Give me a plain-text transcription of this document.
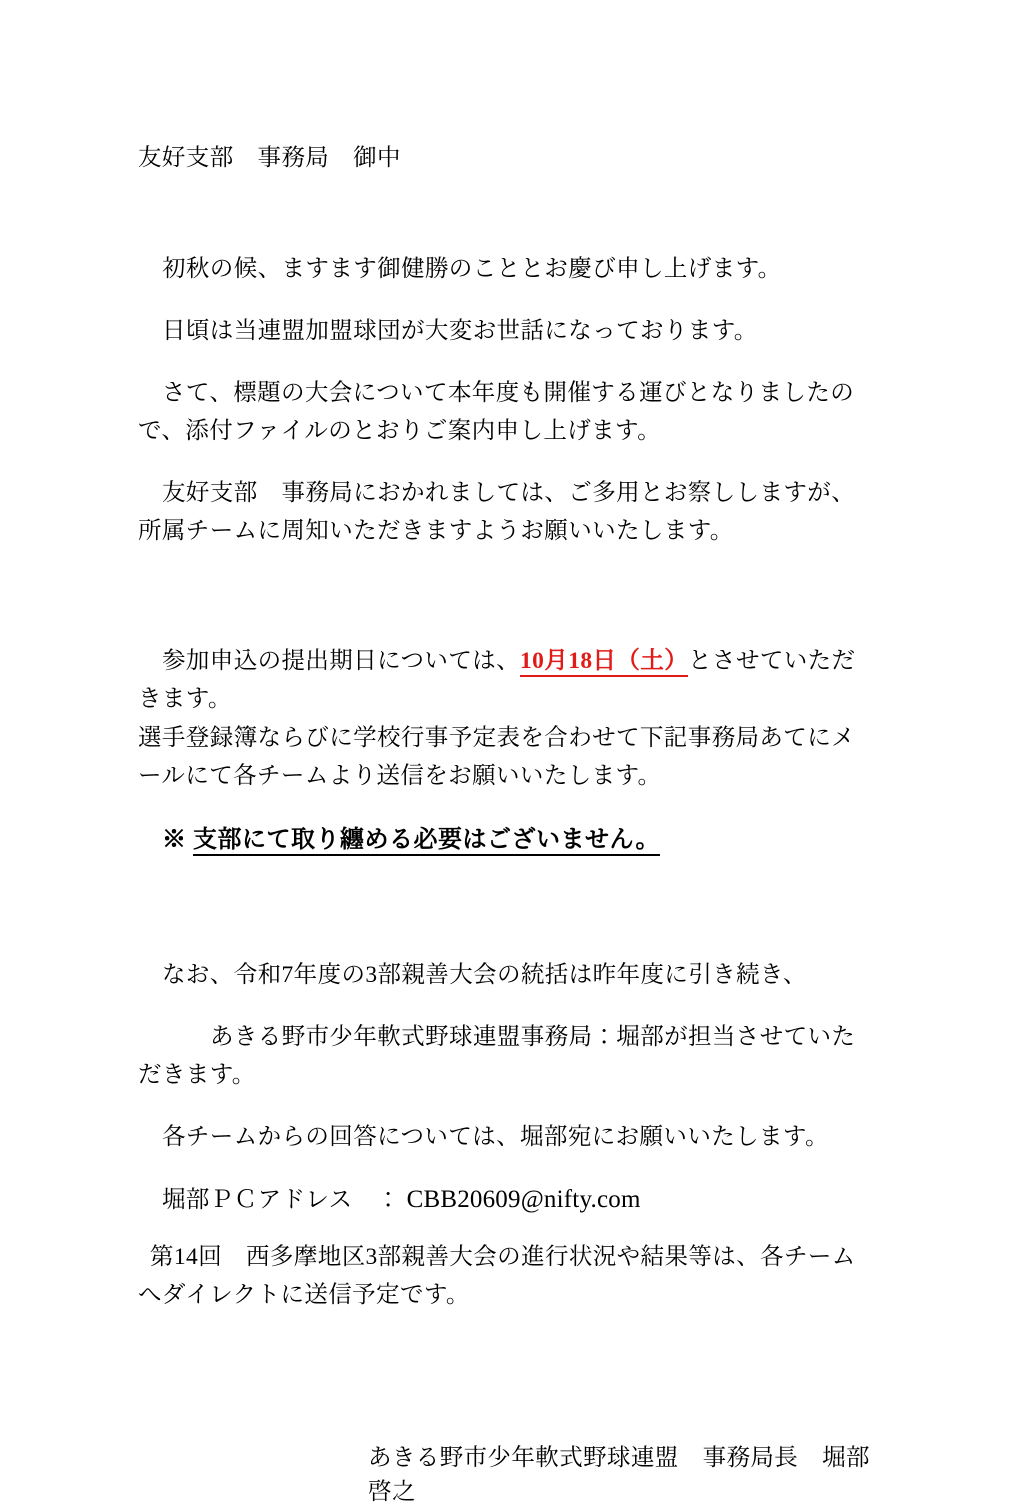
友好支部　事務局　御中

初秋の候、ますます御健勝のこととお慶び申し上げます。

日頃は当連盟加盟球団が大変お世話になっております。

さて、標題の大会について本年度も開催する運びとなりましたので、添付ファイルのとおりご案内申し上げます。

友好支部　事務局におかれましては、ご多用とお察ししますが、所属チームに周知いただきますようお願いいたします。

参加申込の提出期日については、10月18日（土）とさせていただきます。

選手登録簿ならびに学校行事予定表を合わせて下記事務局あてにメールにて各チームより送信をお願いいたします。

※ 支部にて取り纏める必要はございません。

なお、令和7年度の3部親善大会の統括は昨年度に引き続き、

あきる野市少年軟式野球連盟事務局：堀部が担当させていただきます。

各チームからの回答については、堀部宛にお願いいたします。

堀部ＰＣアドレス　： CBB20609@nifty.com

第14回　西多摩地区3部親善大会の進行状況や結果等は、各チームへダイレクトに送信予定です。

あきる野市少年軟式野球連盟　事務局長　堀部　啓之
